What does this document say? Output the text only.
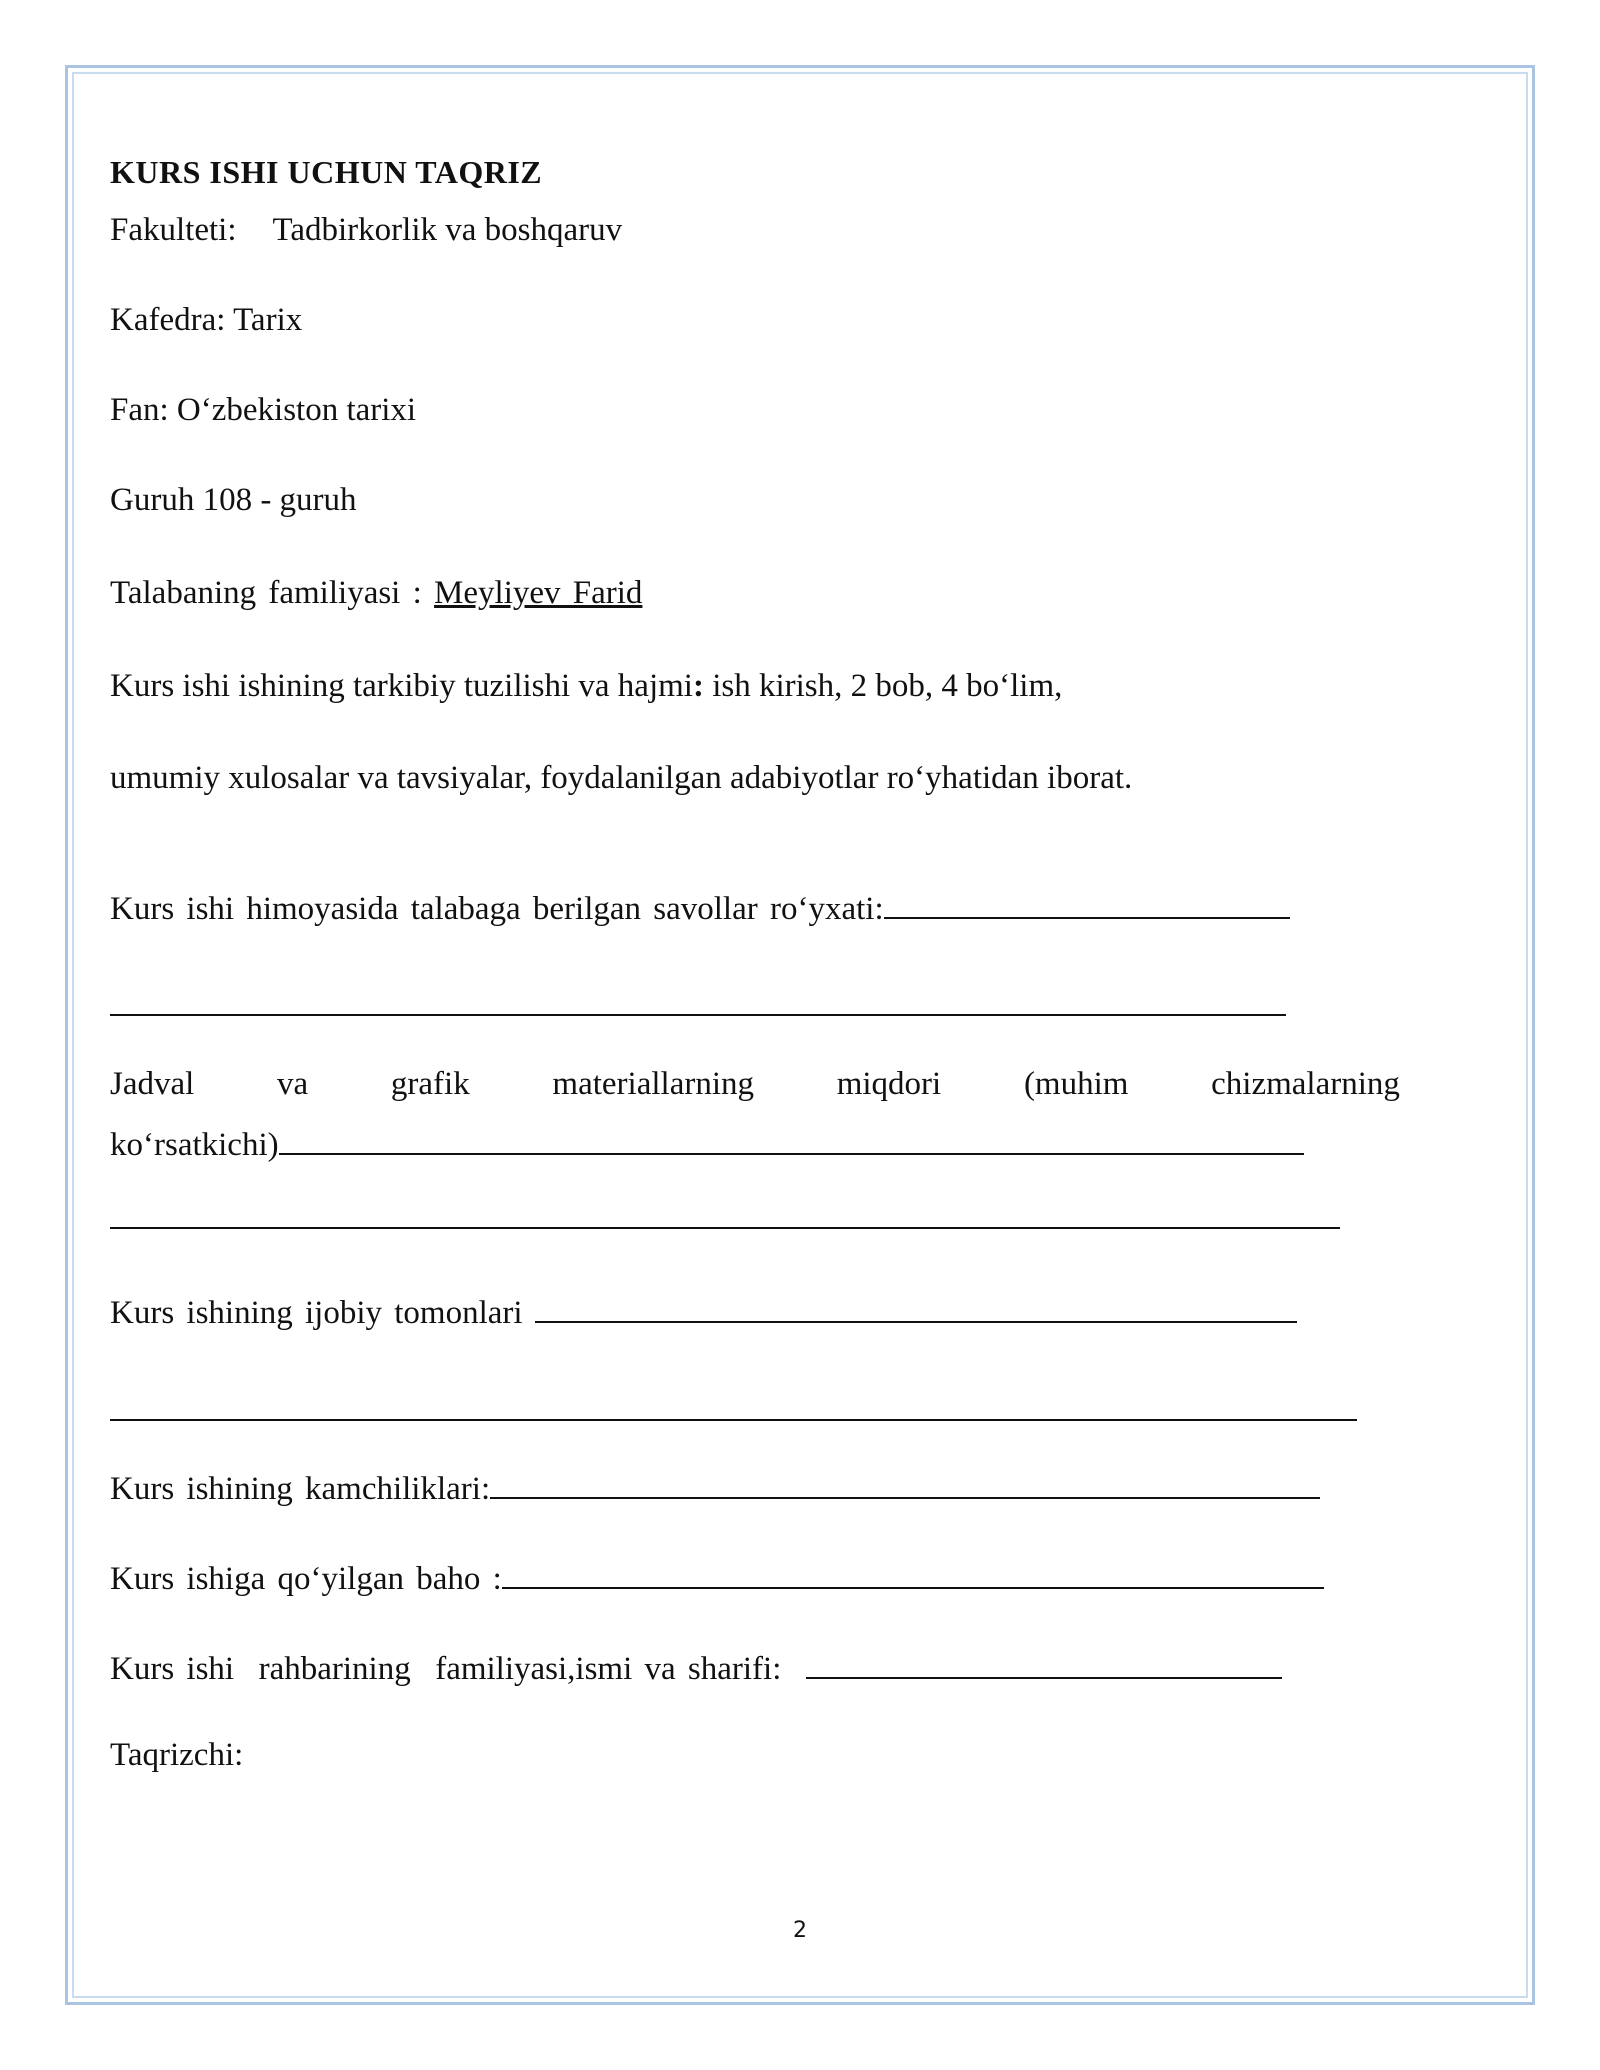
KURS ISHI UCHUN TAQRIZ
Fakulteti: Tadbirkorlik va boshqaruv
Kafedra: Tarix
Fan: O‘zbekiston tarixi
Guruh 108 - guruh
Talabaning familiyasi : Meyliyev Farid
Kurs ishi ishining tarkibiy tuzilishi va hajmi: ish kirish, 2 bob, 4 bo‘lim,
umumiy xulosalar va tavsiyalar, foydalanilgan adabiyotlar ro‘yhatidan iborat.
Kurs ishi himoyasida talabaga berilgan savollar ro‘yxati:
Jadval	va	grafik	materiallarning	miqdori	(muhim	chizmalarning
ko‘rsatkichi)
Kurs ishining ijobiy tomonlari
Kurs ishining kamchiliklari:
Kurs ishiga qo‘yilgan baho :
Kurs ishi  rahbarining  familiyasi,ismi va sharifi:
Taqrizchi:
2
